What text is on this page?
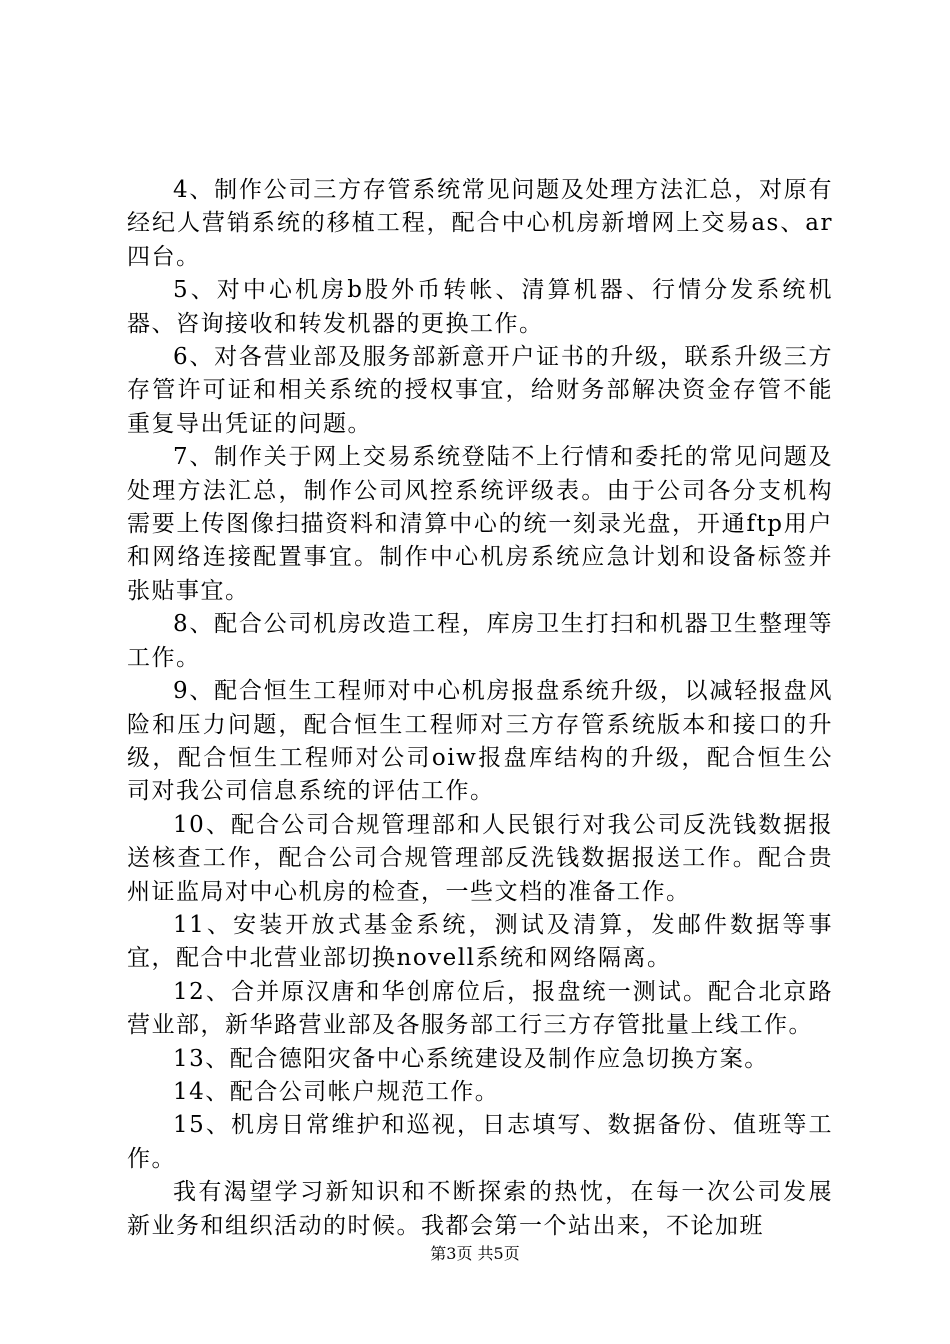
4、制作公司三方存管系统常见问题及处理方法汇总，对原有经纪人营销系统的移植工程，配合中心机房新增网上交易as、ar四台。

5、对中心机房b股外币转帐、清算机器、行情分发系统机器、咨询接收和转发机器的更换工作。

6、对各营业部及服务部新意开户证书的升级，联系升级三方存管许可证和相关系统的授权事宜，给财务部解决资金存管不能重复导出凭证的问题。

7、制作关于网上交易系统登陆不上行情和委托的常见问题及处理方法汇总，制作公司风控系统评级表。由于公司各分支机构需要上传图像扫描资料和清算中心的统一刻录光盘，开通ftp用户和网络连接配置事宜。制作中心机房系统应急计划和设备标签并张贴事宜。

8、配合公司机房改造工程，库房卫生打扫和机器卫生整理等工作。

9、配合恒生工程师对中心机房报盘系统升级，以减轻报盘风险和压力问题，配合恒生工程师对三方存管系统版本和接口的升级，配合恒生工程师对公司oiw报盘库结构的升级，配合恒生公司对我公司信息系统的评估工作。

10、配合公司合规管理部和人民银行对我公司反洗钱数据报送核查工作，配合公司合规管理部反洗钱数据报送工作。配合贵州证监局对中心机房的检查，一些文档的准备工作。

11、安装开放式基金系统，测试及清算，发邮件数据等事宜，配合中北营业部切换novell系统和网络隔离。

12、合并原汉唐和华创席位后，报盘统一测试。配合北京路营业部，新华路营业部及各服务部工行三方存管批量上线工作。

13、配合德阳灾备中心系统建设及制作应急切换方案。

14、配合公司帐户规范工作。

15、机房日常维护和巡视，日志填写、数据备份、值班等工作。

我有渴望学习新知识和不断探索的热忱，在每一次公司发展新业务和组织活动的时候。我都会第一个站出来，不论加班

第3页 共5页
